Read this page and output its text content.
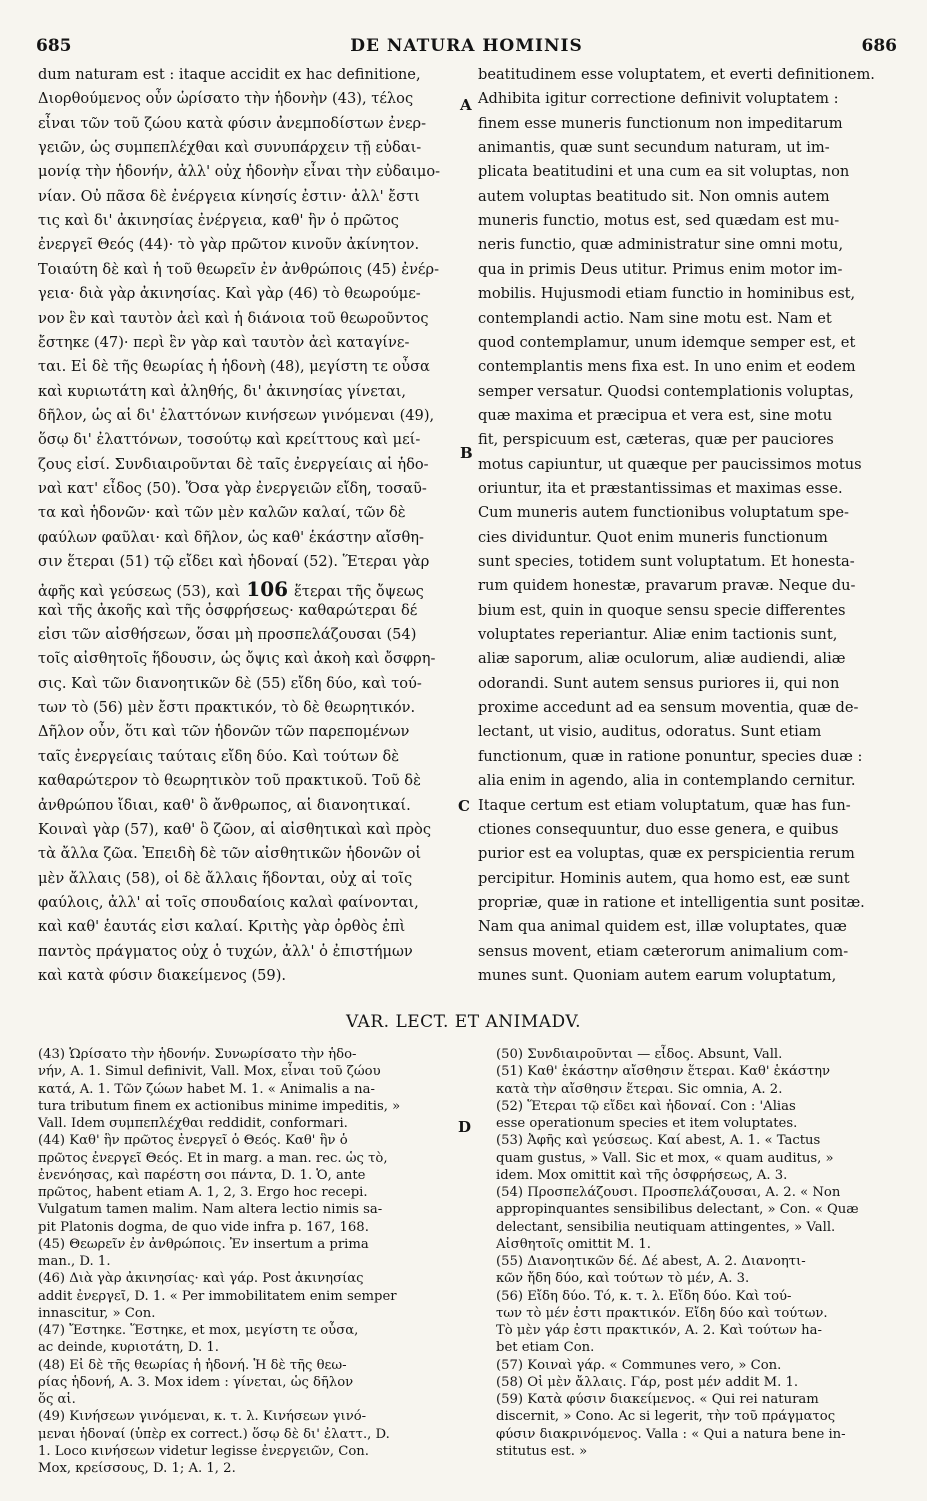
685	DE NATURA HOMINIS	686
dum naturam est : itaque accidit ex hac definitione,
Διορθούμενος οὖν ὡρίσατο τὴν ἡδονὴν (43), τέλος
εἶναι τῶν τοῦ ζώου κατὰ φύσιν ἀνεμποδίστων ἐνερ-
γειῶν, ὡς συμπεπλέχθαι καὶ συνυπάρχειν τῇ εὐδαι-
μονίᾳ τὴν ἡδονήν, ἀλλ' οὐχ ἡδονὴν εἶναι τὴν εὐδαιμο-
νίαν. Οὐ πᾶσα δὲ ἐνέργεια κίνησίς ἐστιν· ἀλλ' ἔστι
τις καὶ δι' ἀκινησίας ἐνέργεια, καθ' ἣν ὁ πρῶτος
ἐνεργεῖ Θεός (44)· τὸ γὰρ πρῶτον κινοῦν ἀκίνητον.
Τοιαύτη δὲ καὶ ἡ τοῦ θεωρεῖν ἐν ἀνθρώποις (45) ἐνέρ-
γεια· διὰ γὰρ ἀκινησίας. Καὶ γὰρ (46) τὸ θεωρούμε-
νον ἓν καὶ ταυτὸν ἀεὶ καὶ ἡ διάνοια τοῦ θεωροῦντος
ἔστηκε (47)· περὶ ἓν γὰρ καὶ ταυτὸν ἀεὶ καταγίνε-
ται. Εἰ δὲ τῆς θεωρίας ἡ ἡδονὴ (48), μεγίστη τε οὖσα
καὶ κυριωτάτη καὶ ἀληθής, δι' ἀκινησίας γίνεται,
δῆλον, ὡς αἱ δι' ἐλαττόνων κινήσεων γινόμεναι (49),
ὅσῳ δι' ἐλαττόνων, τοσούτῳ καὶ κρείττους καὶ μεί-
ζους εἰσί. Συνδιαιροῦνται δὲ ταῖς ἐνεργείαις αἱ ἡδο-
ναὶ κατ' εἶδος (50). Ὅσα γὰρ ἐνεργειῶν εἴδη, τοσαῦ-
τα καὶ ἡδονῶν· καὶ τῶν μὲν καλῶν καλαί, τῶν δὲ
φαύλων φαῦλαι· καὶ δῆλον, ὡς καθ' ἑκάστην αἴσθη-
σιν ἕτεραι (51) τῷ εἴδει καὶ ἡδοναί (52). Ἕτεραι γὰρ
ἀφῆς καὶ γεύσεως (53), καὶ 106 ἕτεραι τῆς ὄψεως
καὶ τῆς ἀκοῆς καὶ τῆς ὀσφρήσεως· καθαρώτεραι δέ
εἰσι τῶν αἰσθήσεων, ὅσαι μὴ προσπελάζουσαι (54)
τοῖς αἰσθητοῖς ἥδουσιν, ὡς ὄψις καὶ ἀκοὴ καὶ ὄσφρη-
σις. Καὶ τῶν διανοητικῶν δὲ (55) εἴδη δύο, καὶ τού-
των τὸ (56) μὲν ἔστι πρακτικόν, τὸ δὲ θεωρητικόν.
Δῆλον οὖν, ὅτι καὶ τῶν ἡδονῶν τῶν παρεπομένων
ταῖς ἐνεργείαις ταύταις εἴδη δύο. Καὶ τούτων δὲ
καθαρώτερον τὸ θεωρητικὸν τοῦ πρακτικοῦ. Τοῦ δὲ
ἀνθρώπου ἴδιαι, καθ' ὃ ἄνθρωπος, αἱ διανοητικαί.
Κοιναὶ γὰρ (57), καθ' ὃ ζῶον, αἱ αἰσθητικαὶ καὶ πρὸς
τὰ ἄλλα ζῶα. Ἐπειδὴ δὲ τῶν αἰσθητικῶν ἡδονῶν οἱ
μὲν ἄλλαις (58), οἱ δὲ ἄλλαις ἥδονται, οὐχ αἱ τοῖς
φαύλοις, ἀλλ' αἱ τοῖς σπουδαίοις καλαὶ φαίνονται,
καὶ καθ' ἑαυτάς εἰσι καλαί. Κριτὴς γὰρ ὀρθὸς ἐπὶ
παντὸς πράγματος οὐχ ὁ τυχών, ἀλλ' ὁ ἐπιστήμων
καὶ κατὰ φύσιν διακείμενος (59).
beatitudinem esse voluptatem, et everti definitionem.
Adhibita igitur correctione definivit voluptatem :
finem esse muneris functionum non impeditarum
animantis, quæ sunt secundum naturam, ut im-
plicata beatitudini et una cum ea sit voluptas, non
autem voluptas beatitudo sit. Non omnis autem
muneris functio, motus est, sed quædam est mu-
neris functio, quæ administratur sine omni motu,
qua in primis Deus utitur. Primus enim motor im-
mobilis. Hujusmodi etiam functio in hominibus est,
contemplandi actio. Nam sine motu est. Nam et
quod contemplamur, unum idemque semper est, et
contemplantis mens fixa est. In uno enim et eodem
semper versatur. Quodsi contemplationis voluptas,
quæ maxima et præcipua et vera est, sine motu
fit, perspicuum est, cæteras, quæ per pauciores
motus capiuntur, ut quæque per paucissimos motus
oriuntur, ita et præstantissimas et maximas esse.
Cum muneris autem functionibus voluptatum spe-
cies dividuntur. Quot enim muneris functionum
sunt species, totidem sunt voluptatum. Et honesta-
rum quidem honestæ, pravarum pravæ. Neque du-
bium est, quin in quoque sensu specie differentes
voluptates reperiantur. Aliæ enim tactionis sunt,
aliæ saporum, aliæ oculorum, aliæ audiendi, aliæ
odorandi. Sunt autem sensus puriores ii, qui non
proxime accedunt ad ea sensum moventia, quæ de-
lectant, ut visio, auditus, odoratus. Sunt etiam
functionum, quæ in ratione ponuntur, species duæ :
alia enim in agendo, alia in contemplando cernitur.
Itaque certum est etiam voluptatum, quæ has fun-
ctiones consequuntur, duo esse genera, e quibus
purior est ea voluptas, quæ ex perspicientia rerum
percipitur. Hominis autem, qua homo est, eæ sunt
propriæ, quæ in ratione et intelligentia sunt positæ.
Nam qua animal quidem est, illæ voluptates, quæ
sensus movent, etiam cæterorum animalium com-
munes sunt. Quoniam autem earum voluptatum,
A
B
C
D
VAR. LECT. ET ANIMADV.
(43) Ὡρίσατο τὴν ἡδονήν. Συνωρίσατο τὴν ἡδο-
νήν, A. 1. Simul definivit, Vall. Mox, εἶναι τοῦ ζώου
κατά, A. 1. Τῶν ζώων habet M. 1. « Animalis a na-
tura tributum finem ex actionibus minime impeditis, »
Vall. Idem συμπεπλέχθαι reddidit, conformari.
(44) Καθ' ἣν πρῶτος ἐνεργεῖ ὁ Θεός. Καθ' ἣν ὁ
πρῶτος ἐνεργεῖ Θεός. Et in marg. a man. rec. ὡς τὸ,
ἐνενόησας, καὶ παρέστη σοι πάντα, D. 1. Ὁ, ante
πρῶτος, habent etiam A. 1, 2, 3. Ergo hoc recepi.
Vulgatum tamen malim. Nam altera lectio nimis sa-
pit Platonis dogma, de quo vide infra p. 167, 168.
(45) Θεωρεῖν ἐν ἀνθρώποις. Ἐν insertum a prima
man., D. 1.
(46) Διὰ γὰρ ἀκινησίας· καὶ γάρ. Post ἀκινησίας
addit ἐνεργεῖ, D. 1. « Per immobilitatem enim semper
innascitur, » Con.
(47) Ἔστηκε. Ἕστηκε, et mox, μεγίστη τε οὖσα,
ac deinde, κυριοτάτη, D. 1.
(48) Εἰ δὲ τῆς θεωρίας ἡ ἡδονή. Ἡ δὲ τῆς θεω-
ρίας ἡδονή, A. 3. Mox idem : γίνεται, ὡς δῆλον
ὅς αἱ.
(49) Κινήσεων γινόμεναι, κ. τ. λ. Κινήσεων γινό-
μεναι ἡδοναί (ὑπὲρ ex correct.) ὅσῳ δὲ δι' ἐλαττ., D.
1. Loco κινήσεων videtur legisse ἐνεργειῶν, Con.
Mox, κρείσσους, D. 1; A. 1, 2.
(50) Συνδιαιροῦνται — εἶδος. Absunt, Vall.
(51) Καθ' ἑκάστην αἴσθησιν ἕτεραι. Καθ' ἑκάστην
κατὰ τὴν αἴσθησιν ἕτεραι. Sic omnia, A. 2.
(52) Ἕτεραι τῷ εἴδει καὶ ἡδοναί. Con : 'Alias
esse operationum species et item voluptates.
(53) Ἀφῆς καὶ γεύσεως. Καί abest, A. 1. « Tactus
quam gustus, » Vall. Sic et mox, « quam auditus, »
idem. Mox omittit καὶ τῆς ὀσφρήσεως, A. 3.
(54) Προσπελάζουσι. Προσπελάζουσαι, A. 2. « Non
appropinquantes sensibilibus delectant, » Con. « Quæ
delectant, sensibilia neutiquam attingentes, » Vall.
Αἰσθητοῖς omittit M. 1.
(55) Διανοητικῶν δέ. Δέ abest, A. 2. Διανοητι-
κῶν ἤδη δύο, καὶ τούτων τὸ μέν, A. 3.
(56) Εἴδη δύο. Τό, κ. τ. λ. Εἴδη δύο. Καὶ τού-
των τὸ μέν ἐστι πρακτικόν. Εἴδη δύο καὶ τούτων.
Τὸ μὲν γάρ ἐστι πρακτικόν, A. 2. Καὶ τούτων ha-
bet etiam Con.
(57) Κοιναὶ γάρ. « Communes vero, » Con.
(58) Οἱ μὲν ἄλλαις. Γάρ, post μέν addit M. 1.
(59) Κατὰ φύσιν διακείμενος. « Qui rei naturam
discernit, » Cono. Ac si legerit, τὴν τοῦ πράγματος
φύσιν διακρινόμενος. Valla : « Qui a natura bene in-
stitutus est. »
